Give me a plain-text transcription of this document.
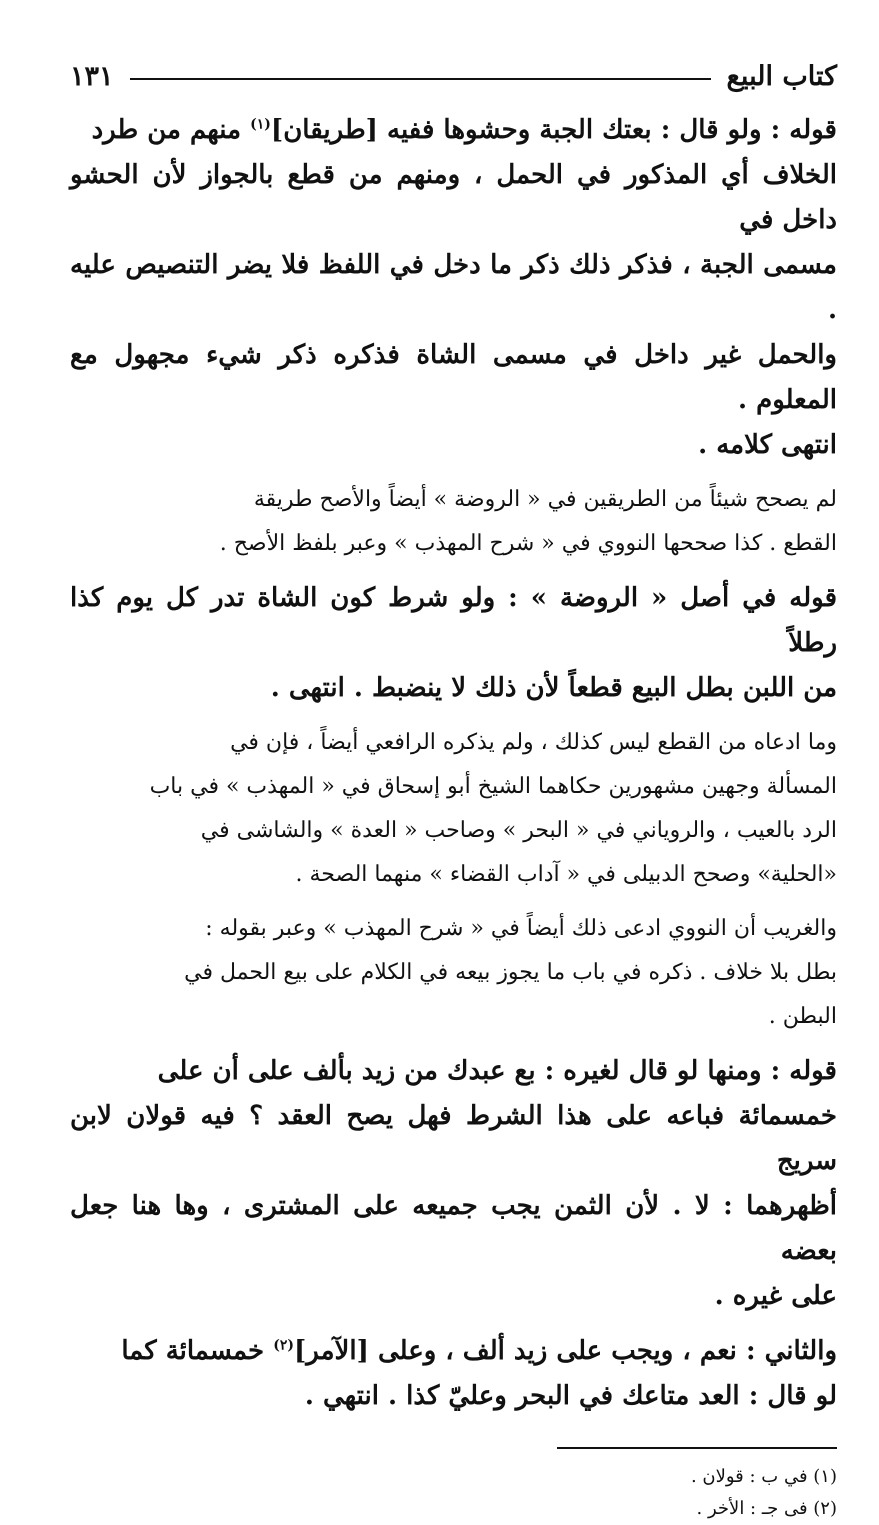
كتاب البيع
١٣١

قوله : ولو قال : بعتك الجبة وحشوها ففيه [طريقان]$^{(١)}$ منهم من طرد
الخلاف أي المذكور في الحمل ، ومنهم من قطع بالجواز لأن الحشو داخل في
مسمى الجبة ، فذكر ذلك ذكر ما دخل في اللفظ فلا يضر التنصيص عليه .
والحمل غير داخل في مسمى الشاة فذكره ذكر شيء مجهول مع المعلوم .
انتهى كلامه .

لم يصحح شيئاً من الطريقين في « الروضة » أيضاً والأصح طريقة
القطع . كذا صححها النووي في « شرح المهذب » وعبر بلفظ الأصح .

قوله في أصل « الروضة » : ولو شرط كون الشاة تدر كل يوم كذا رطلاً
من اللبن بطل البيع قطعاً لأن ذلك لا ينضبط . انتهى .

وما ادعاه من القطع ليس كذلك ، ولم يذكره الرافعي أيضاً ، فإن في
المسألة وجهين مشهورين حكاهما الشيخ أبو إسحاق في « المهذب » في باب
الرد بالعيب ، والروياني في « البحر » وصاحب « العدة » والشاشى في
«الحلية» وصحح الدبيلى في « آداب القضاء » منهما الصحة .

والغريب أن النووي ادعى ذلك أيضاً في « شرح المهذب » وعبر بقوله :
بطل بلا خلاف . ذكره في باب ما يجوز بيعه في الكلام على بيع الحمل في
البطن .

قوله : ومنها لو قال لغيره : بع عبدك من زيد بألف على أن على
خمسمائة فباعه على هذا الشرط فهل يصح العقد ؟ فيه قولان لابن سريج
أظهرهما : لا . لأن الثمن يجب جميعه على المشترى ، وها هنا جعل بعضه
على غيره .

والثاني : نعم ، ويجب على زيد ألف ، وعلى [الآمر]$^{(٢)}$ خمسمائة كما
لو قال : العد متاعك في البحر وعليّ كذا . انتهي .

(١) في ب : قولان .

(٢) فى جـ : الأخر .
